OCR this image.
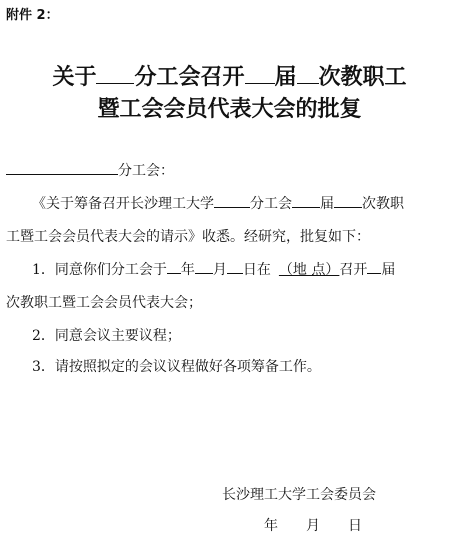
附件 2：
关于 分工会召开 届 次教职工
暨工会会员代表大会的批复
分工会：
《关于筹备召开长沙理工大学	分工会 届 次教职
工暨工会会员代表大会的请示》收悉。经研究，批复如下：
1．同意你们分工会于 年 月 日在 （地 点）召开 届
次教职工暨工会会员代表大会；
2．同意会议主要议程；
3．请按照拟定的会议议程做好各项筹备工作。
长沙理工大学工会委员会
年 月 日
